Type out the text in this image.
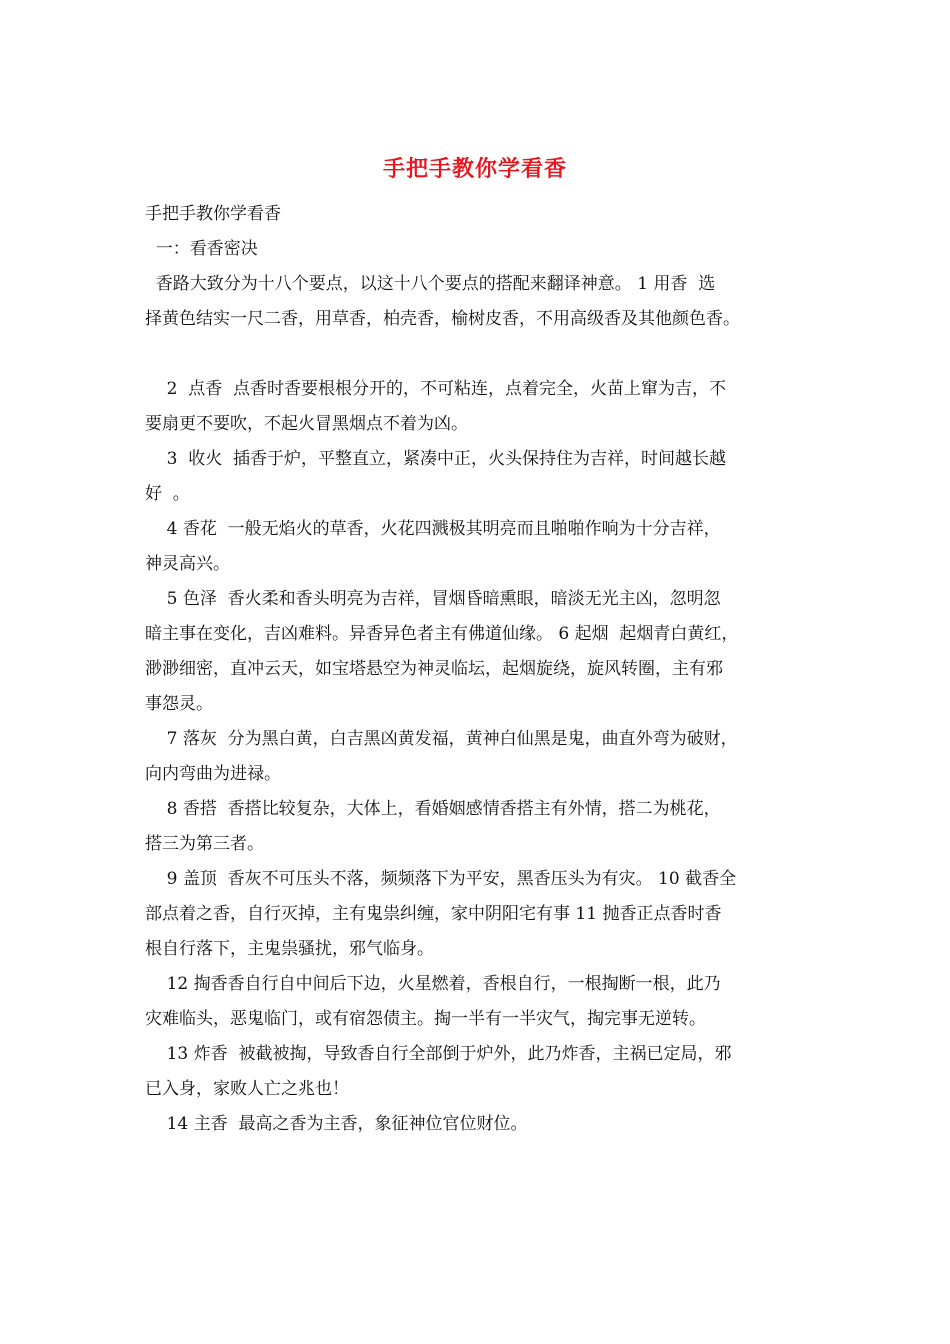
手把手教你学看香
手把手教你学看香
一：看香密决
香路大致分为十八个要点，以这十八个要点的搭配来翻译神意。 1 用香  选
择黄色结实一尺二香，用草香，柏壳香，榆树皮香，不用高级香及其他颜色香。
2  点香  点香时香要根根分开的，不可粘连，点着完全，火苗上窜为吉，不
要扇更不要吹，不起火冒黑烟点不着为凶。
3  收火  插香于炉，平整直立，紧凑中正，火头保持住为吉祥，时间越长越
好  。
4 香花  一般无焰火的草香，火花四溅极其明亮而且啪啪作响为十分吉祥，
神灵高兴。
5 色泽  香火柔和香头明亮为吉祥，冒烟昏暗熏眼，暗淡无光主凶，忽明忽
暗主事在变化，吉凶难料。异香异色者主有佛道仙缘。 6 起烟  起烟青白黄红，
渺渺细密，直冲云天，如宝塔悬空为神灵临坛，起烟旋绕，旋风转圈，主有邪
事怨灵。
7 落灰  分为黑白黄，白吉黑凶黄发福，黄神白仙黑是鬼，曲直外弯为破财，
向内弯曲为进禄。
8 香搭  香搭比较复杂，大体上，看婚姻感情香搭主有外情，搭二为桃花，
搭三为第三者。
9 盖顶  香灰不可压头不落，频频落下为平安，黑香压头为有灾。 10 截香全
部点着之香，自行灭掉，主有鬼祟纠缠，家中阴阳宅有事 11 抛香正点香时香
根自行落下，主鬼祟骚扰，邪气临身。
12 掏香香自行自中间后下边，火星燃着，香根自行，一根掏断一根，此乃
灾难临头，恶鬼临门，或有宿怨债主。掏一半有一半灾气，掏完事无逆转。
13 炸香  被截被掏，导致香自行全部倒于炉外，此乃炸香，主祸已定局，邪
已入身，家败人亡之兆也！
14 主香  最高之香为主香，象征神位官位财位。
